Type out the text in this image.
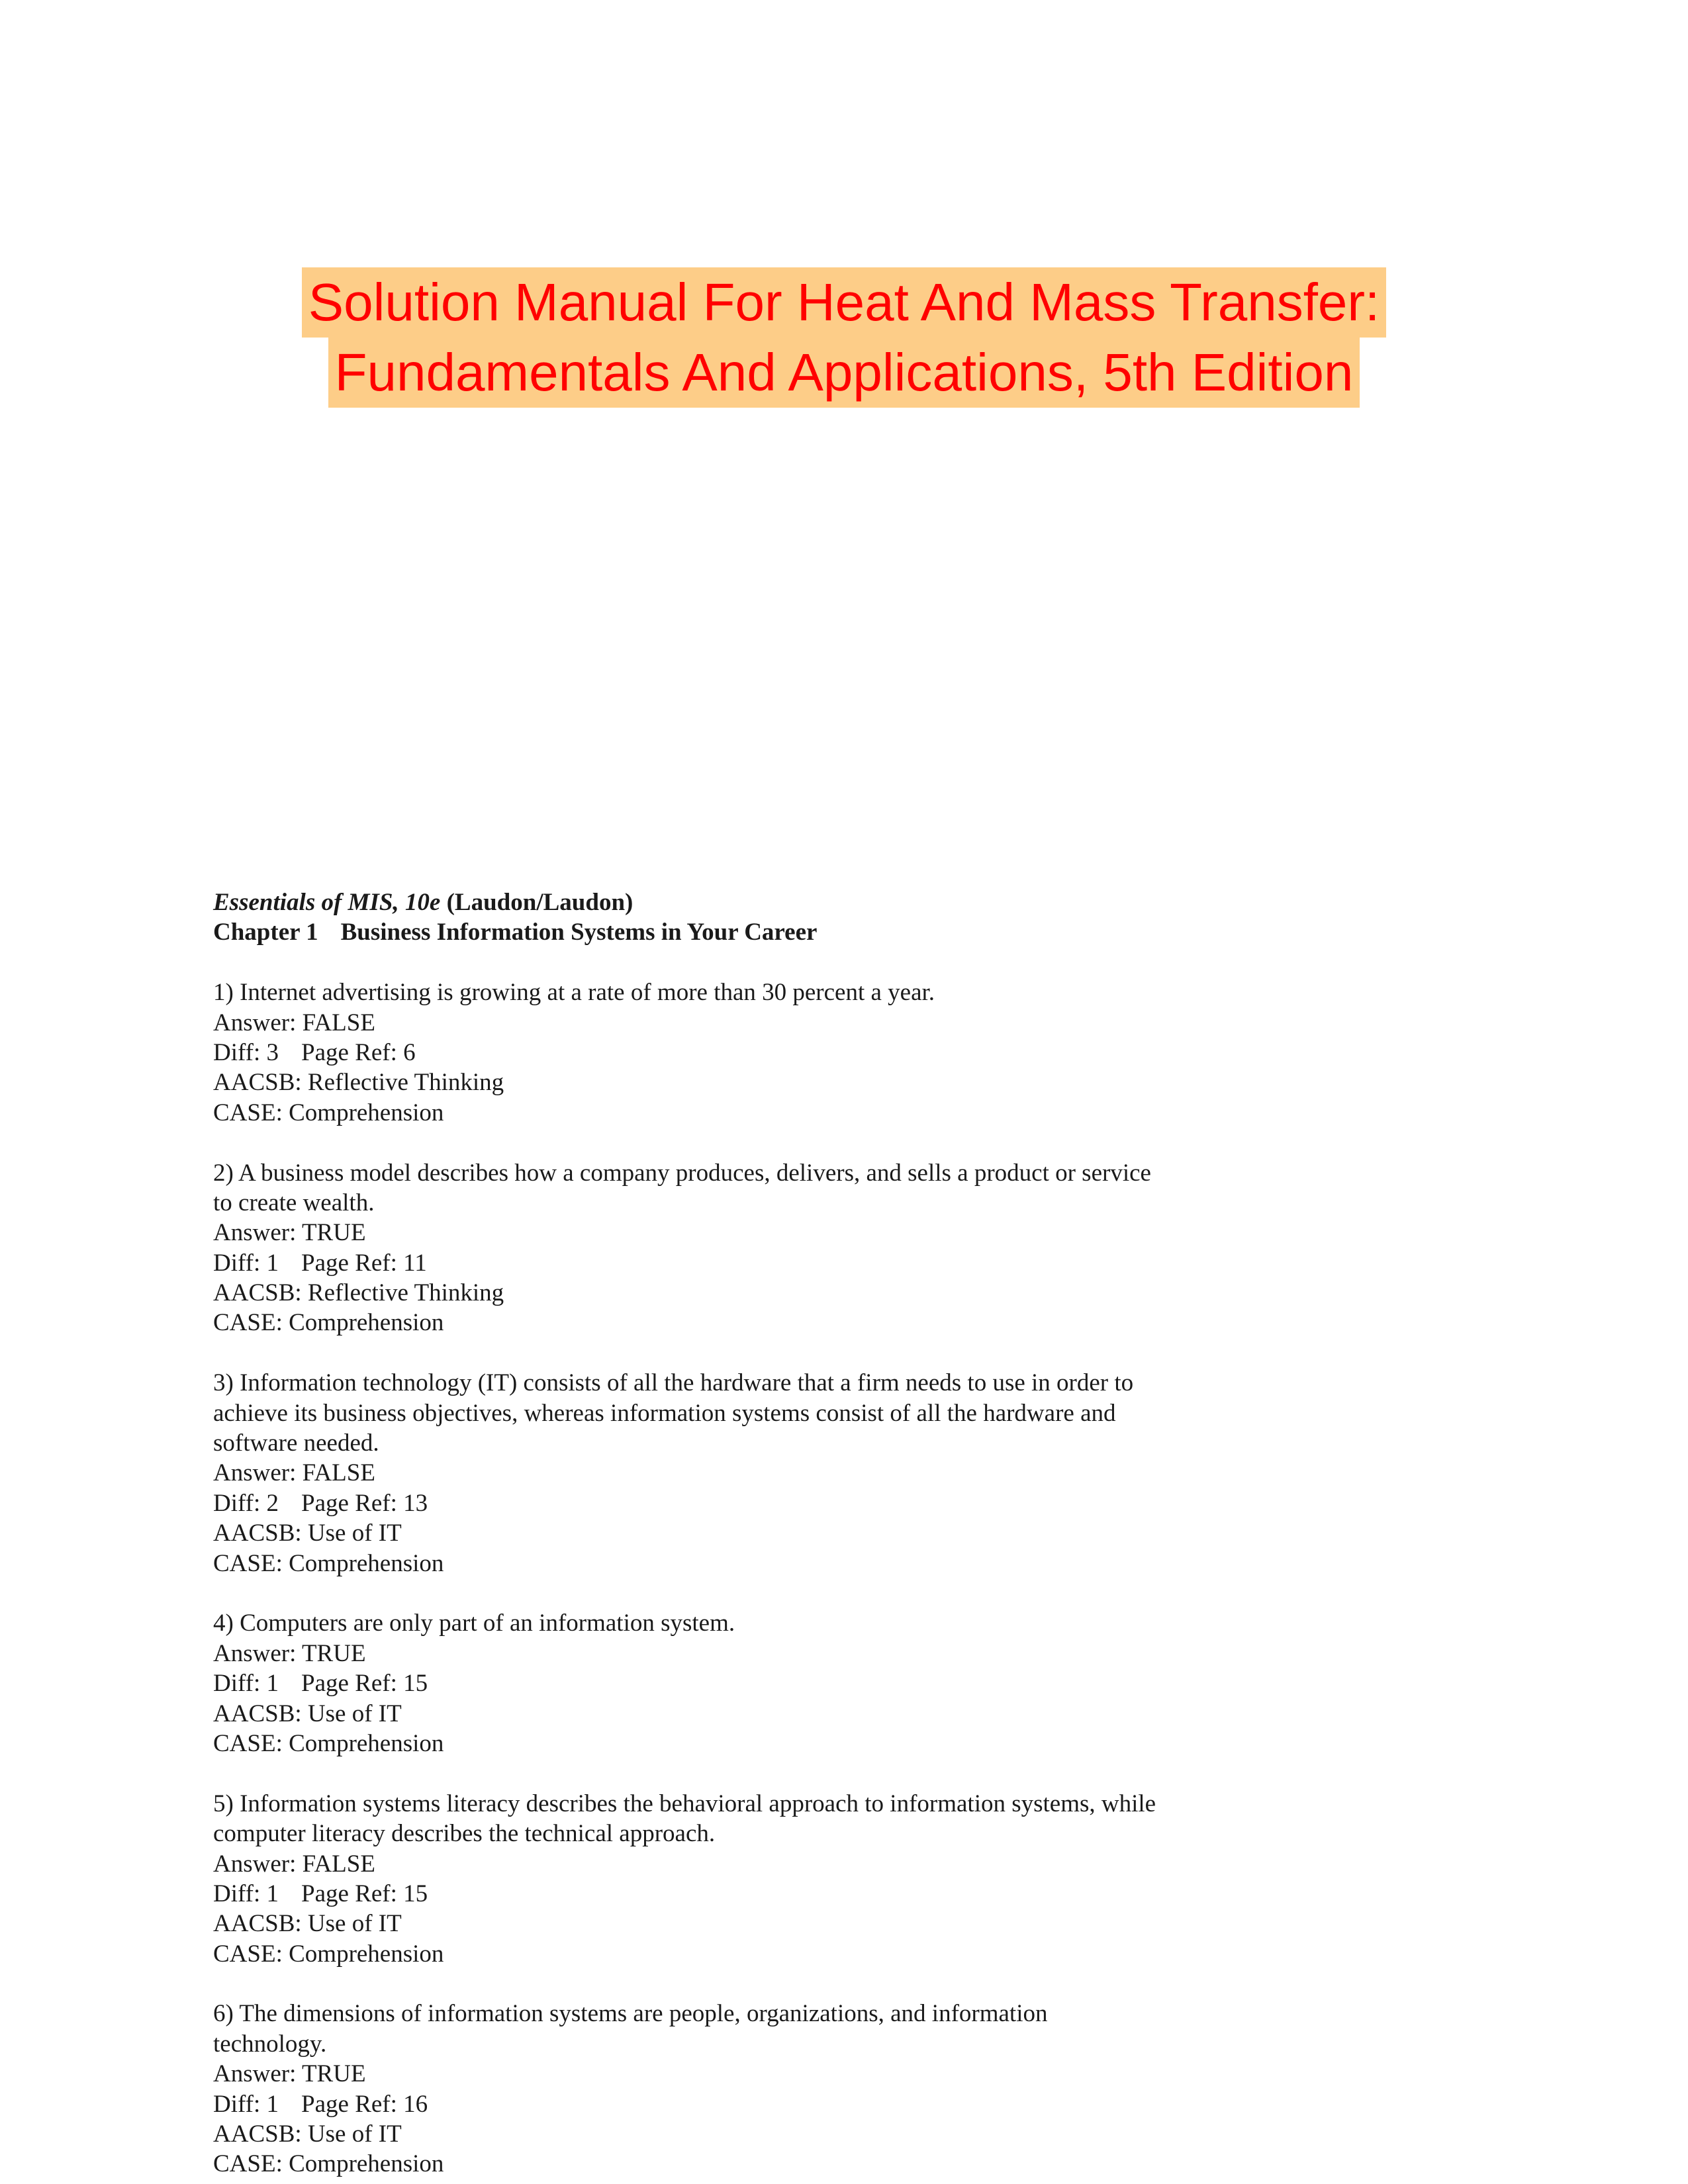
Solution Manual For Heat And Mass Transfer:
Fundamentals And Applications, 5th Edition
Essentials of MIS, 10e (Laudon/Laudon)
Chapter 1 Business Information Systems in Your Career
1) Internet advertising is growing at a rate of more than 30 percent a year.
Answer: FALSE
Diff: 3 Page Ref: 6
AACSB: Reflective Thinking
CASE: Comprehension
2) A business model describes how a company produces, delivers, and sells a product or service
to create wealth.
Answer: TRUE
Diff: 1 Page Ref: 11
AACSB: Reflective Thinking
CASE: Comprehension
3) Information technology (IT) consists of all the hardware that a firm needs to use in order to
achieve its business objectives, whereas information systems consist of all the hardware and
software needed.
Answer: FALSE
Diff: 2 Page Ref: 13
AACSB: Use of IT
CASE: Comprehension
4) Computers are only part of an information system.
Answer: TRUE
Diff: 1 Page Ref: 15
AACSB: Use of IT
CASE: Comprehension
5) Information systems literacy describes the behavioral approach to information systems, while
computer literacy describes the technical approach.
Answer: FALSE
Diff: 1 Page Ref: 15
AACSB: Use of IT
CASE: Comprehension
6) The dimensions of information systems are people, organizations, and information
technology.
Answer: TRUE
Diff: 1 Page Ref: 16
AACSB: Use of IT
CASE: Comprehension
